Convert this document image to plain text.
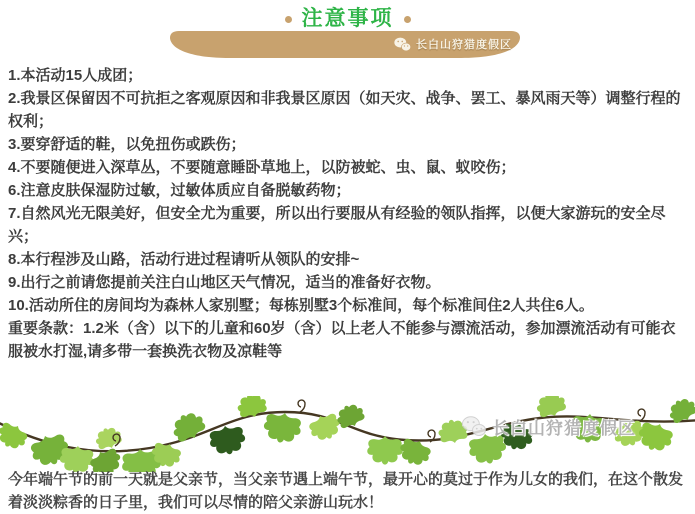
注意事项
长白山狩猎度假区

1.本活动15人成团；

2.我景区保留因不可抗拒之客观原因和非我景区原因（如天灾、战争、罢工、暴风雨天等）调整行程的权利；

3.要穿舒适的鞋，以免扭伤或跌伤；

4.不要随便进入深草丛，不要随意睡卧草地上，以防被蛇、虫、鼠、蚁咬伤；

6.注意皮肤保湿防过敏，过敏体质应自备脱敏药物；

7.自然风光无限美好，但安全尤为重要，所以出行要服从有经验的领队指挥，以便大家游玩的安全尽兴；

8.本行程涉及山路，活动行进过程请听从领队的安排~

9.出行之前请您提前关注白山地区天气情况，适当的准备好衣物。

10.活动所住的房间均为森林人家别墅；每栋别墅3个标准间，每个标准间住2人共住6人。

重要条款：1.2米（含）以下的儿童和60岁（含）以上老人不能参与漂流活动，参加漂流活动有可能衣服被水打湿,请多带一套换洗衣物及凉鞋等

长白山狩猎度假区

今年端午节的前一天就是父亲节，当父亲节遇上端午节，最开心的莫过于作为儿女的我们，在这个散发着淡淡粽香的日子里，我们可以尽情的陪父亲游山玩水！
